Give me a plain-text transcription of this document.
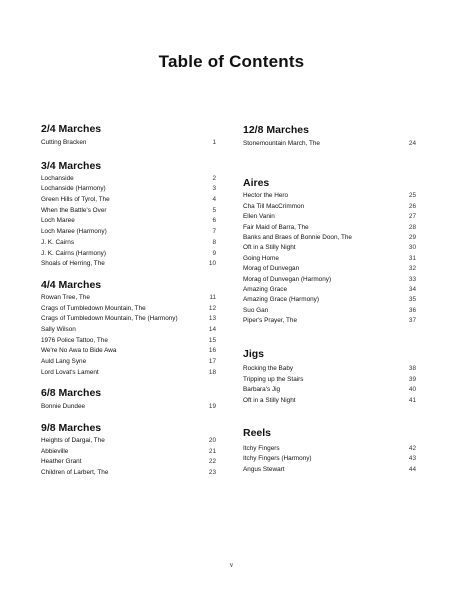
Table of Contents
2/4 Marches
Cutting Bracken	1
3/4 Marches
Lochanside	2
Lochanside (Harmony)	3
Green Hills of Tyrol, The	4
When the Battle's Over	5
Loch Maree	6
Loch Maree (Harmony)	7
J. K. Cairns	8
J. K. Cairns (Harmony)	9
Shoals of Herring, The	10
4/4 Marches
Rowan Tree, The	11
Crags of Tumbledown Mountain, The	12
Crags of Tumbledown Mountain, The (Harmony)	13
Sally Wilson	14
1976 Police Tattoo, The	15
We're No Awa to Bide Awa	16
Auld Lang Syne	17
Lord Lovat's Lament	18
6/8 Marches
Bonnie Dundee	19
9/8 Marches
Heights of Dargai, The	20
Abbieville	21
Heather Grant	22
Children of Larbert, The	23
12/8 Marches
Stonemountain March, The	24
Aires
Hector the Hero	25
Cha Till MacCrimmon	26
Ellen Vanin	27
Fair Maid of Barra, The	28
Banks and Braes of Bonnie Doon, The	29
Oft in a Stilly Night	30
Going Home	31
Morag of Dunvegan	32
Morag of Dunvegan (Harmony)	33
Amazing Grace	34
Amazing Grace (Harmony)	35
Suo Gan	36
Piper's Prayer, The	37
Jigs
Rocking the Baby	38
Tripping up the Stairs	39
Barbara's Jig	40
Oft in a Stilly Night	41
Reels
Itchy Fingers	42
Itchy Fingers (Harmony)	43
Angus Stewart	44
v
